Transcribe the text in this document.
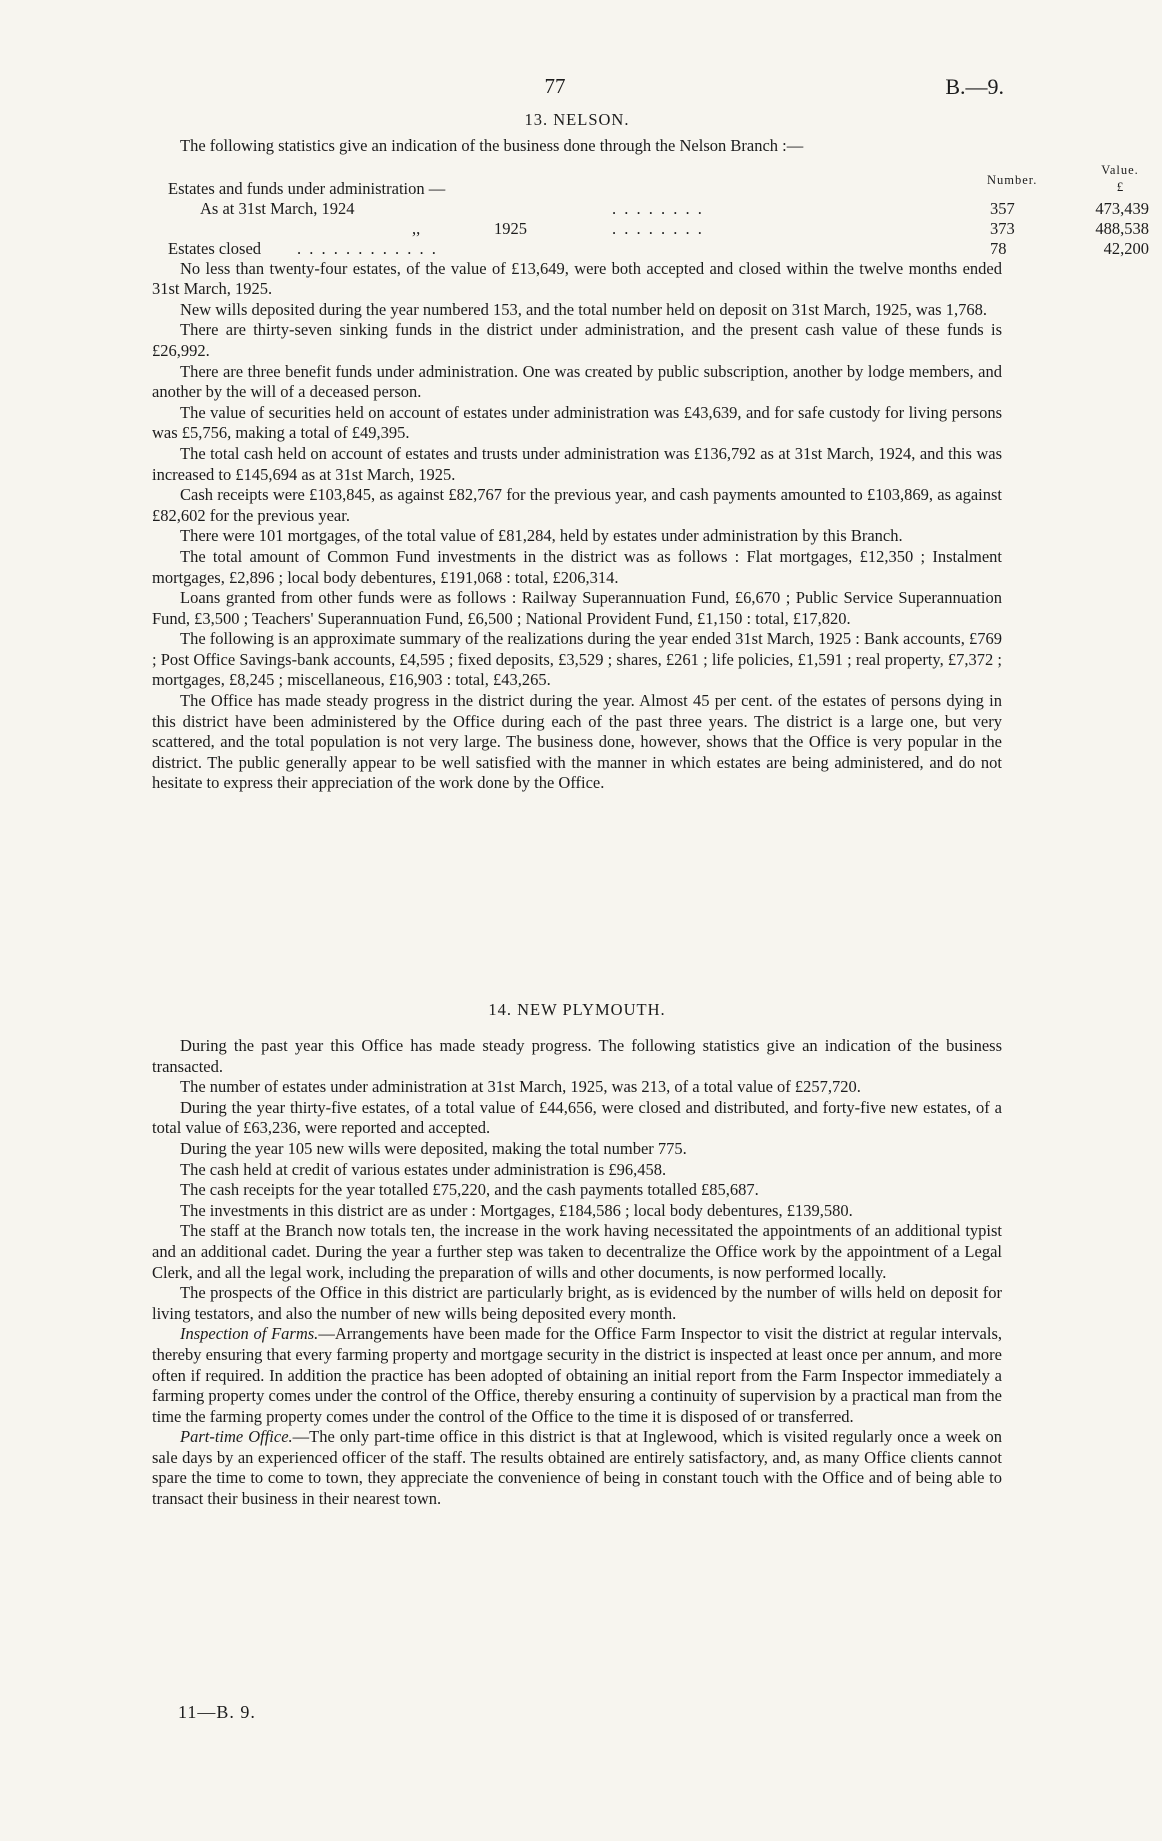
77	B.—9.
13. NELSON.

The following statistics give an indication of the business done through the Nelson Branch :—

Value.
Number.	£
Estates and funds under administration —
As at 31st March, 1924	. . . . . . . .	357	473,439
,,	1925	. . . . . . . .	373	488,538
Estates closed . . . . . . . . . . . .	78	42,200

No less than twenty-four estates, of the value of £13,649, were both accepted and closed within the twelve months ended 31st March, 1925.

New wills deposited during the year numbered 153, and the total number held on deposit on 31st March, 1925, was 1,768.

There are thirty-seven sinking funds in the district under administration, and the present cash value of these funds is £26,992.

There are three benefit funds under administration. One was created by public subscription, another by lodge members, and another by the will of a deceased person.

The value of securities held on account of estates under administration was £43,639, and for safe custody for living persons was £5,756, making a total of £49,395.

The total cash held on account of estates and trusts under administration was £136,792 as at 31st March, 1924, and this was increased to £145,694 as at 31st March, 1925.

Cash receipts were £103,845, as against £82,767 for the previous year, and cash payments amounted to £103,869, as against £82,602 for the previous year.

There were 101 mortgages, of the total value of £81,284, held by estates under administration by this Branch.

The total amount of Common Fund investments in the district was as follows : Flat mortgages, £12,350 ; Instalment mortgages, £2,896 ; local body debentures, £191,068 : total, £206,314.

Loans granted from other funds were as follows : Railway Superannuation Fund, £6,670 ; Public Service Superannuation Fund, £3,500 ; Teachers' Superannuation Fund, £6,500 ; National Provident Fund, £1,150 : total, £17,820.

The following is an approximate summary of the realizations during the year ended 31st March, 1925 : Bank accounts, £769 ; Post Office Savings-bank accounts, £4,595 ; fixed deposits, £3,529 ; shares, £261 ; life policies, £1,591 ; real property, £7,372 ; mortgages, £8,245 ; miscellaneous, £16,903 : total, £43,265.

The Office has made steady progress in the district during the year. Almost 45 per cent. of the estates of persons dying in this district have been administered by the Office during each of the past three years. The district is a large one, but very scattered, and the total population is not very large. The business done, however, shows that the Office is very popular in the district. The public generally appear to be well satisfied with the manner in which estates are being administered, and do not hesitate to express their appreciation of the work done by the Office.

14. NEW PLYMOUTH.

During the past year this Office has made steady progress. The following statistics give an indication of the business transacted.

The number of estates under administration at 31st March, 1925, was 213, of a total value of £257,720.

During the year thirty-five estates, of a total value of £44,656, were closed and distributed, and forty-five new estates, of a total value of £63,236, were reported and accepted.

During the year 105 new wills were deposited, making the total number 775.

The cash held at credit of various estates under administration is £96,458.

The cash receipts for the year totalled £75,220, and the cash payments totalled £85,687.

The investments in this district are as under : Mortgages, £184,586 ; local body debentures, £139,580.

The staff at the Branch now totals ten, the increase in the work having necessitated the appointments of an additional typist and an additional cadet. During the year a further step was taken to decentralize the Office work by the appointment of a Legal Clerk, and all the legal work, including the preparation of wills and other documents, is now performed locally.

The prospects of the Office in this district are particularly bright, as is evidenced by the number of wills held on deposit for living testators, and also the number of new wills being deposited every month.

Inspection of Farms.—Arrangements have been made for the Office Farm Inspector to visit the district at regular intervals, thereby ensuring that every farming property and mortgage security in the district is inspected at least once per annum, and more often if required. In addition the practice has been adopted of obtaining an initial report from the Farm Inspector immediately a farming property comes under the control of the Office, thereby ensuring a continuity of supervision by a practical man from the time the farming property comes under the control of the Office to the time it is disposed of or transferred.

Part-time Office.—The only part-time office in this district is that at Inglewood, which is visited regularly once a week on sale days by an experienced officer of the staff. The results obtained are entirely satisfactory, and, as many Office clients cannot spare the time to come to town, they appreciate the convenience of being in constant touch with the Office and of being able to transact their business in their nearest town.

11—B. 9.
